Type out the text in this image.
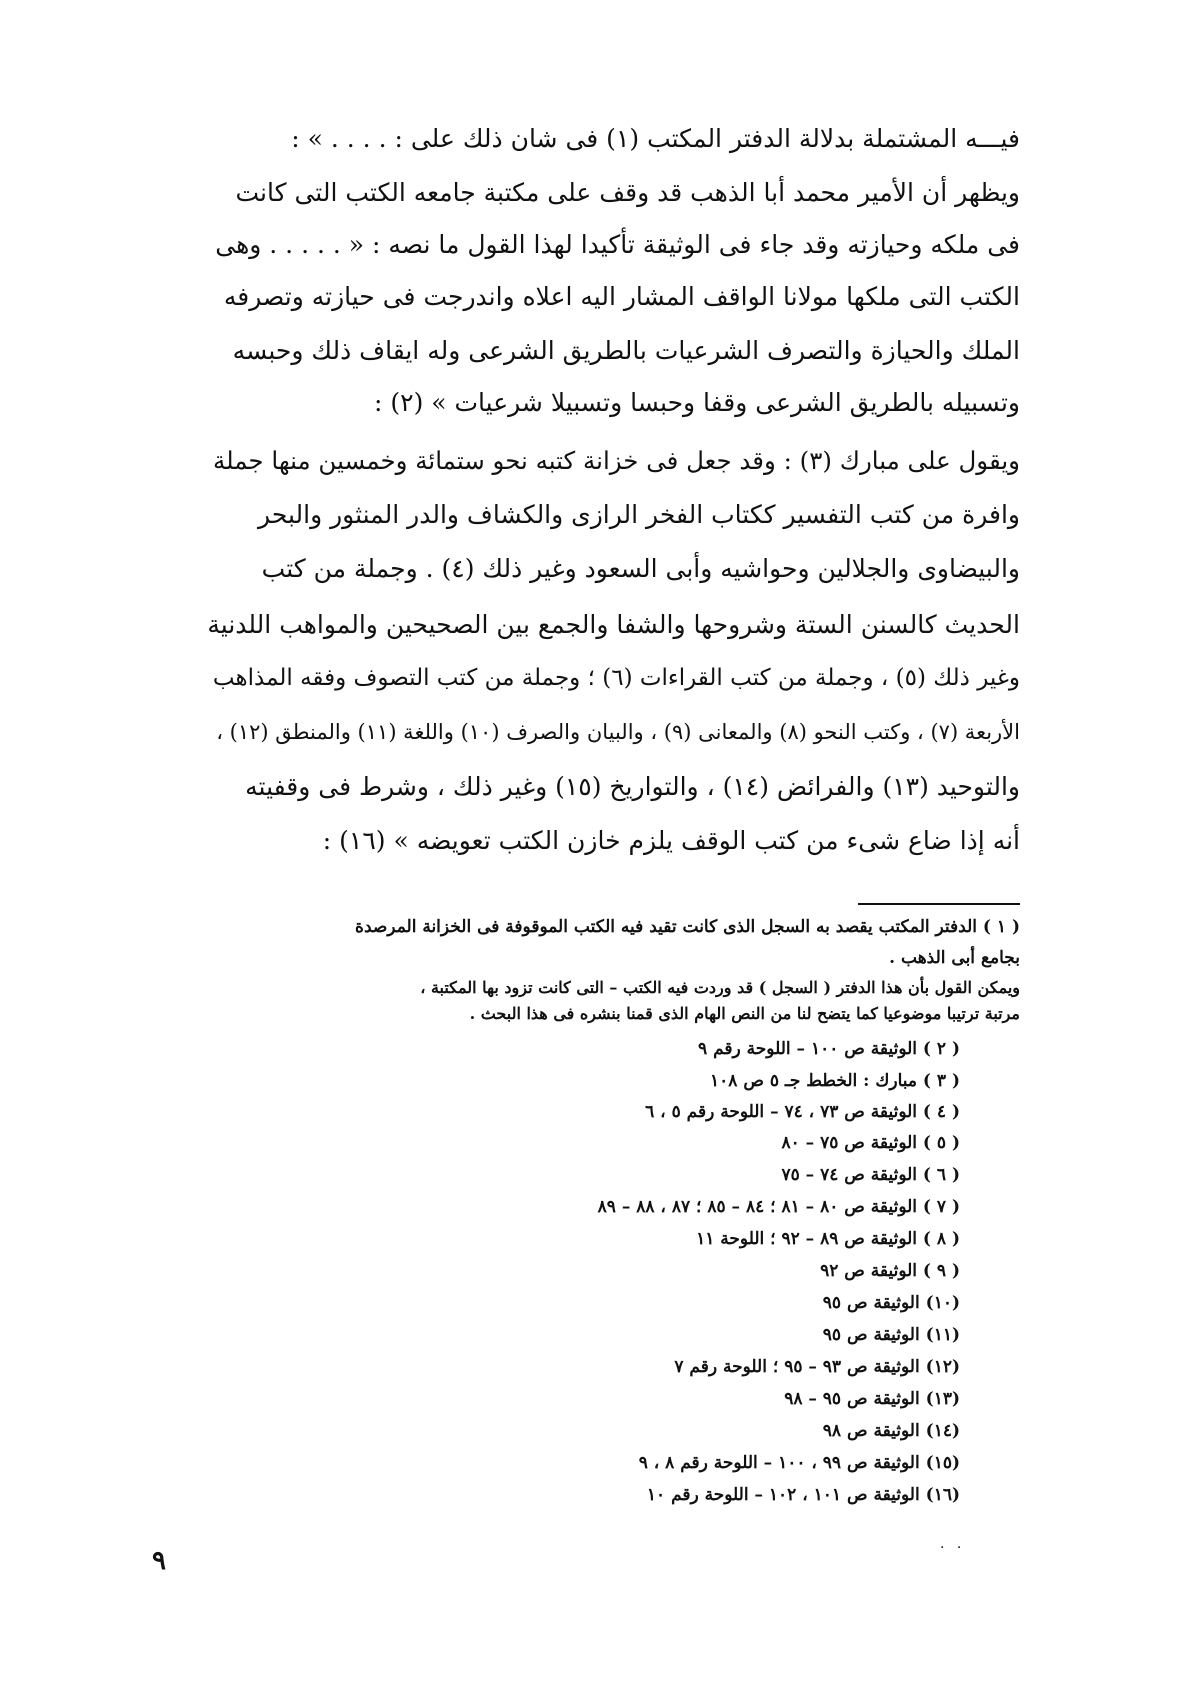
فيـــه المشتملة بدلالة الدفتر المكتب (١) فى شان ذلك على : . . . . » :
ويظهر أن الأمير محمد أبا الذهب قد وقف على مكتبة جامعه الكتب التى كانت
فى ملكه وحيازته وقد جاء فى الوثيقة تأكيدا لهذا القول ما نصه : « . . . . . وهى
الكتب التى ملكها مولانا الواقف المشار اليه اعلاه واندرجت فى حيازته وتصرفه
الملك والحيازة والتصرف الشرعيات بالطريق الشرعى وله ايقاف ذلك وحبسه
وتسبيله بالطريق الشرعى وقفا وحبسا وتسبيلا شرعيات » (٢) :
ويقول على مبارك (٣) : وقد جعل فى خزانة كتبه نحو ستمائة وخمسين منها جملة
وافرة من كتب التفسير ككتاب الفخر الرازى والكشاف والدر المنثور والبحر
والبيضاوى والجلالين وحواشيه وأبى السعود وغير ذلك (٤) . وجملة من كتب
الحديث كالسنن الستة وشروحها والشفا والجمع بين الصحيحين والمواهب اللدنية
وغير ذلك (٥) ، وجملة من كتب القراءات (٦) ؛ وجملة من كتب التصوف وفقه المذاهب
الأربعة (٧) ، وكتب النحو (٨) والمعانى (٩) ، والبيان والصرف (١٠) واللغة (١١) والمنطق (١٢) ،
والتوحيد (١٣) والفرائض (١٤) ، والتواريخ (١٥) وغير ذلك ، وشرط فى وقفيته
أنه إذا ضاع شىء من كتب الوقف يلزم خازن الكتب تعويضه » (١٦) :
( ١ ) الدفتر المكتب يقصد به السجل الذى كانت تقيد فيه الكتب الموقوفة فى الخزانة المرصدة
بجامع أبى الذهب .
ويمكن القول بأن هذا الدفتر ( السجل ) قد وردت فيه الكتب – التى كانت تزود بها المكتبة ،
مرتبة ترتيبا موضوعيا كما يتضح لنا من النص الهام الذى قمنا بنشره فى هذا البحث .
( ٢ ) الوثيقة ص ١٠٠ – اللوحة رقم ٩
( ٣ ) مبارك : الخطط جـ ٥ ص ١٠٨
( ٤ ) الوثيقة ص ٧٣ ، ٧٤ – اللوحة رقم ٥ ، ٦
( ٥ ) الوثيقة ص ٧٥ – ٨٠
( ٦ ) الوثيقة ص ٧٤ – ٧٥
( ٧ ) الوثيقة ص ٨٠ – ٨١ ؛ ٨٤ – ٨٥ ؛ ٨٧ ، ٨٨ – ٨٩
( ٨ ) الوثيقة ص ٨٩ – ٩٢ ؛ اللوحة ١١
( ٩ ) الوثيقة ص ٩٢
(١٠) الوثيقة ص ٩٥
(١١) الوثيقة ص ٩٥
(١٢) الوثيقة ص ٩٣ – ٩٥ ؛ اللوحة رقم ٧
(١٣) الوثيقة ص ٩٥ – ٩٨
(١٤) الوثيقة ص ٩٨
(١٥) الوثيقة ص ٩٩ ، ١٠٠ – اللوحة رقم ٨ ، ٩
(١٦) الوثيقة ص ١٠١ ، ١٠٢ – اللوحة رقم ١٠
. .
٩
